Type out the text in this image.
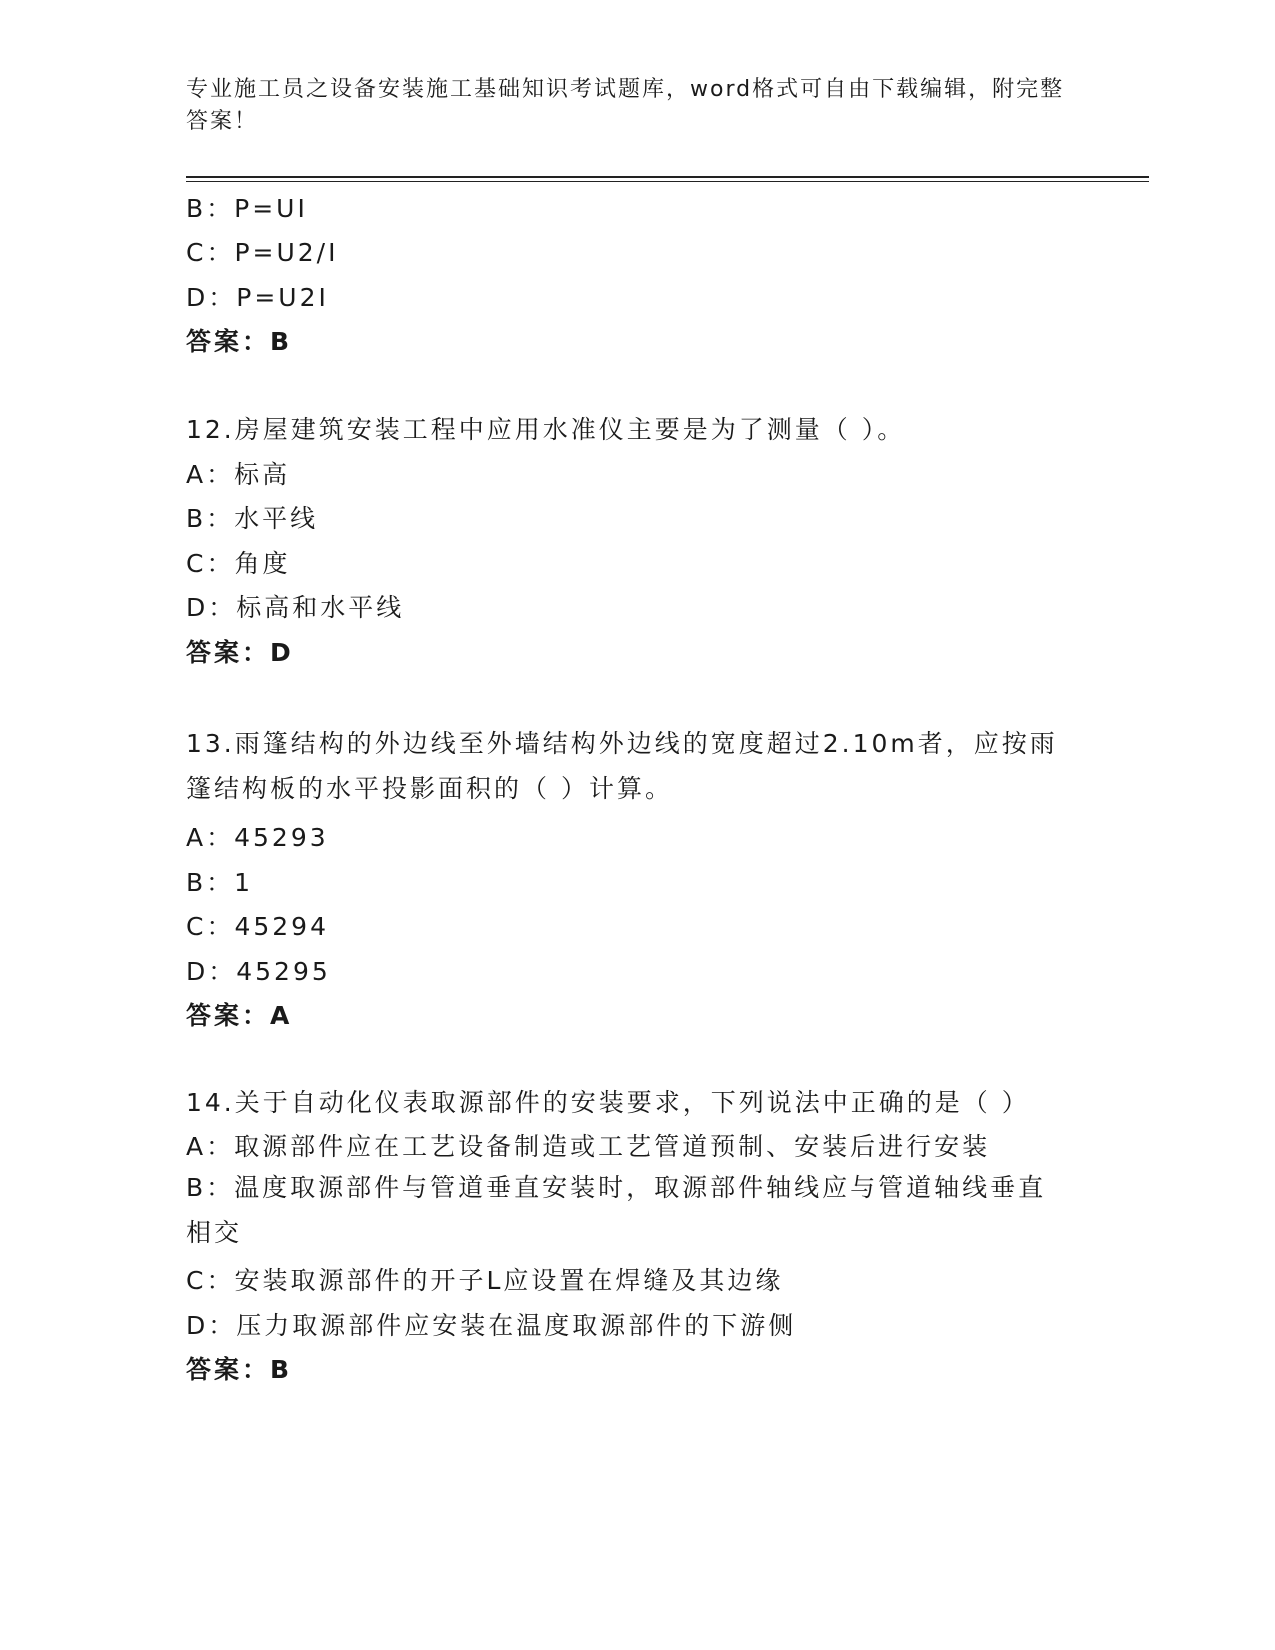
专业施工员之设备安装施工基础知识考试题库，word格式可自由下载编辑，附完整答案！
B：P=UI
C：P=U2/I
D：P=U2I
答案：B
12.房屋建筑安装工程中应用水准仪主要是为了测量（ ）。
A：标高
B：水平线
C：角度
D：标高和水平线
答案：D
13.雨篷结构的外边线至外墙结构外边线的宽度超过2.10m者，应按雨篷结构板的水平投影面积的（ ）计算。
A：45293
B：1
C：45294
D：45295
答案：A
14.关于自动化仪表取源部件的安装要求，下列说法中正确的是（ ）
A：取源部件应在工艺设备制造或工艺管道预制、安装后进行安装
B：温度取源部件与管道垂直安装时，取源部件轴线应与管道轴线垂直相交
C：安装取源部件的开子L应设置在焊缝及其边缘
D：压力取源部件应安装在温度取源部件的下游侧
答案：B
